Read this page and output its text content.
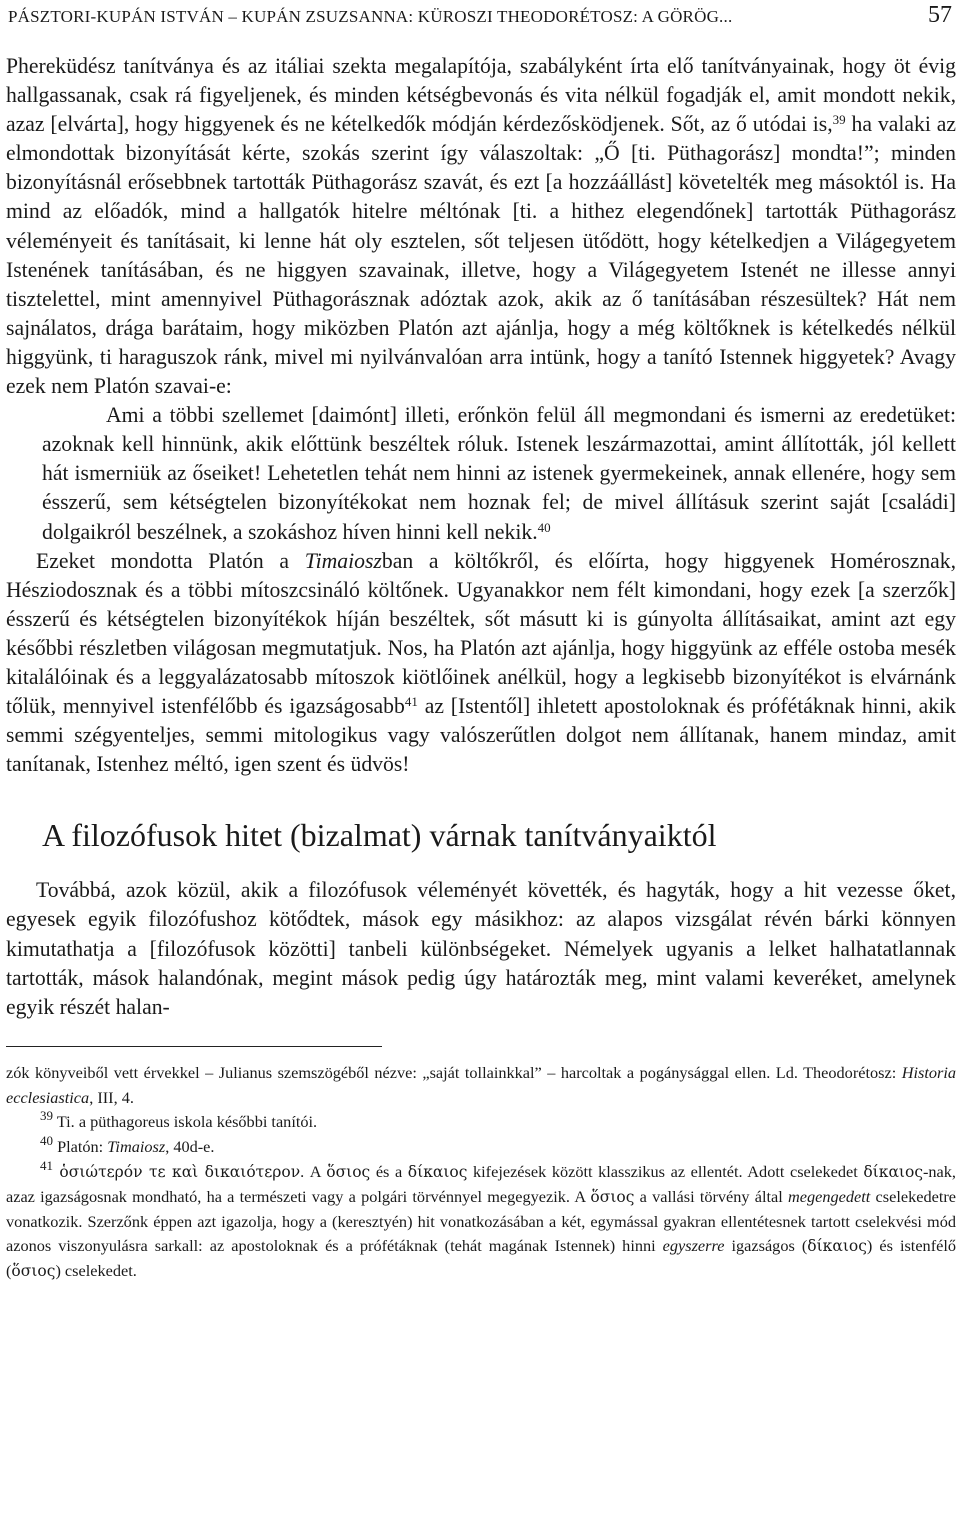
PÁSZTORI-KUPÁN ISTVÁN – KUPÁN ZSUZSANNA: KÜROSZI THEODORÉTOSZ: A GÖRÖG...	57

Phereküdész tanítványa és az itáliai szekta megalapítója, szabályként írta elő tanítványainak, hogy öt évig hallgassanak, csak rá figyeljenek, és minden kétségbevonás és vita nélkül fogadják el, amit mondott nekik, azaz [elvárta], hogy higgyenek és ne kételkedők módján kérdezősködjenek. Sőt, az ő utódai is,$^{39}$ ha valaki az elmondottak bizonyítását kérte, szokás szerint így válaszoltak: „Ő [ti. Püthagorász] mondta!”; minden bizonyításnál erősebbnek tartották Püthagorász szavát, és ezt [a hozzáállást] követelték meg másoktól is. Ha mind az előadók, mind a hallgatók hitelre méltónak [ti. a hithez elegendőnek] tartották Püthagorász véleményeit és tanításait, ki lenne hát oly esztelen, sőt teljesen ütődött, hogy kételkedjen a Világegyetem Istenének tanításában, és ne higgyen szavainak, illetve, hogy a Világegyetem Istenét ne illesse annyi tisztelettel, mint amennyivel Püthagorásznak adóztak azok, akik az ő tanításában részesültek? Hát nem sajnálatos, drága barátaim, hogy miközben Platón azt ajánlja, hogy a még költőknek is kételkedés nélkül higgyünk, ti haraguszok ránk, mivel mi nyilvánvalóan arra intünk, hogy a tanító Istennek higgyetek? Avagy ezek nem Platón szavai-e:

Ami a többi szellemet [daimónt] illeti, erőnkön felül áll megmondani és ismerni az eredetüket: azoknak kell hinnünk, akik előttünk beszéltek róluk. Istenek leszármazottai, amint állították, jól kellett hát ismerniük az őseiket! Lehetetlen tehát nem hinni az istenek gyermekeinek, annak ellenére, hogy sem ésszerű, sem kétségtelen bizonyítékokat nem hoznak fel; de mivel állításuk szerint saját [családi] dolgaikról beszélnek, a szokáshoz híven hinni kell nekik.$^{40}$

Ezeket mondotta Platón a Timaioszban a költőkről, és előírta, hogy higgyenek Homérosznak, Hésziodosznak és a többi mítoszcsináló költőnek. Ugyanakkor nem félt kimondani, hogy ezek [a szerzők] ésszerű és kétségtelen bizonyítékok híján beszéltek, sőt másutt ki is gúnyolta állításaikat, amint azt egy későbbi részletben világosan megmutatjuk. Nos, ha Platón azt ajánlja, hogy higgyünk az efféle ostoba mesék kitalálóinak és a leggyalázatosabb mítoszok kiötlőinek anélkül, hogy a legkisebb bizonyítékot is elvárnánk tőlük, mennyivel istenfélőbb és igazságosabb$^{41}$ az [Istentől] ihletett apostoloknak és prófétáknak hinni, akik semmi szégyenteljes, semmi mitologikus vagy valószerűtlen dolgot nem állítanak, hanem mindaz, amit tanítanak, Istenhez méltó, igen szent és üdvös!

A filozófusok hitet (bizalmat) várnak tanítványaiktól

Továbbá, azok közül, akik a filozófusok véleményét követték, és hagyták, hogy a hit vezesse őket, egyesek egyik filozófushoz kötődtek, mások egy másikhoz: az alapos vizsgálat révén bárki könnyen kimutathatja a [filozófusok közötti] tanbeli különbségeket. Némelyek ugyanis a lelket halhatatlannak tartották, mások halandónak, megint mások pedig úgy határozták meg, mint valami keveréket, amelynek egyik részét halan-

zók könyveiből vett érvekkel – Julianus szemszögéből nézve: „saját tollainkkal” – harcoltak a pogánysággal ellen. Ld. Theodorétosz: Historia ecclesiastica, III, 4.

$^{39}$ Ti. a püthagoreus iskola későbbi tanítói.

$^{40}$ Platón: Timaiosz, 40d-e.

$^{41}$ ὁσιώτερόν τε καὶ δικαιότερον. A ὅσιος és a δίκαιος kifejezések között klasszikus az ellentét. Adott cselekedet δίκαιος-nak, azaz igazságosnak mondható, ha a természeti vagy a polgári törvénnyel megegyezik. A ὅσιος a vallási törvény által megengedett cselekedetre vonatkozik. Szerzőnk éppen azt igazolja, hogy a (keresztyén) hit vonatkozásában a két, egymással gyakran ellentétesnek tartott cselekvési mód azonos viszonyulásra sarkall: az apostoloknak és a prófétáknak (tehát magának Istennek) hinni egyszerre igazságos (δίκαιος) és istenfélő (ὅσιος) cselekedet.
